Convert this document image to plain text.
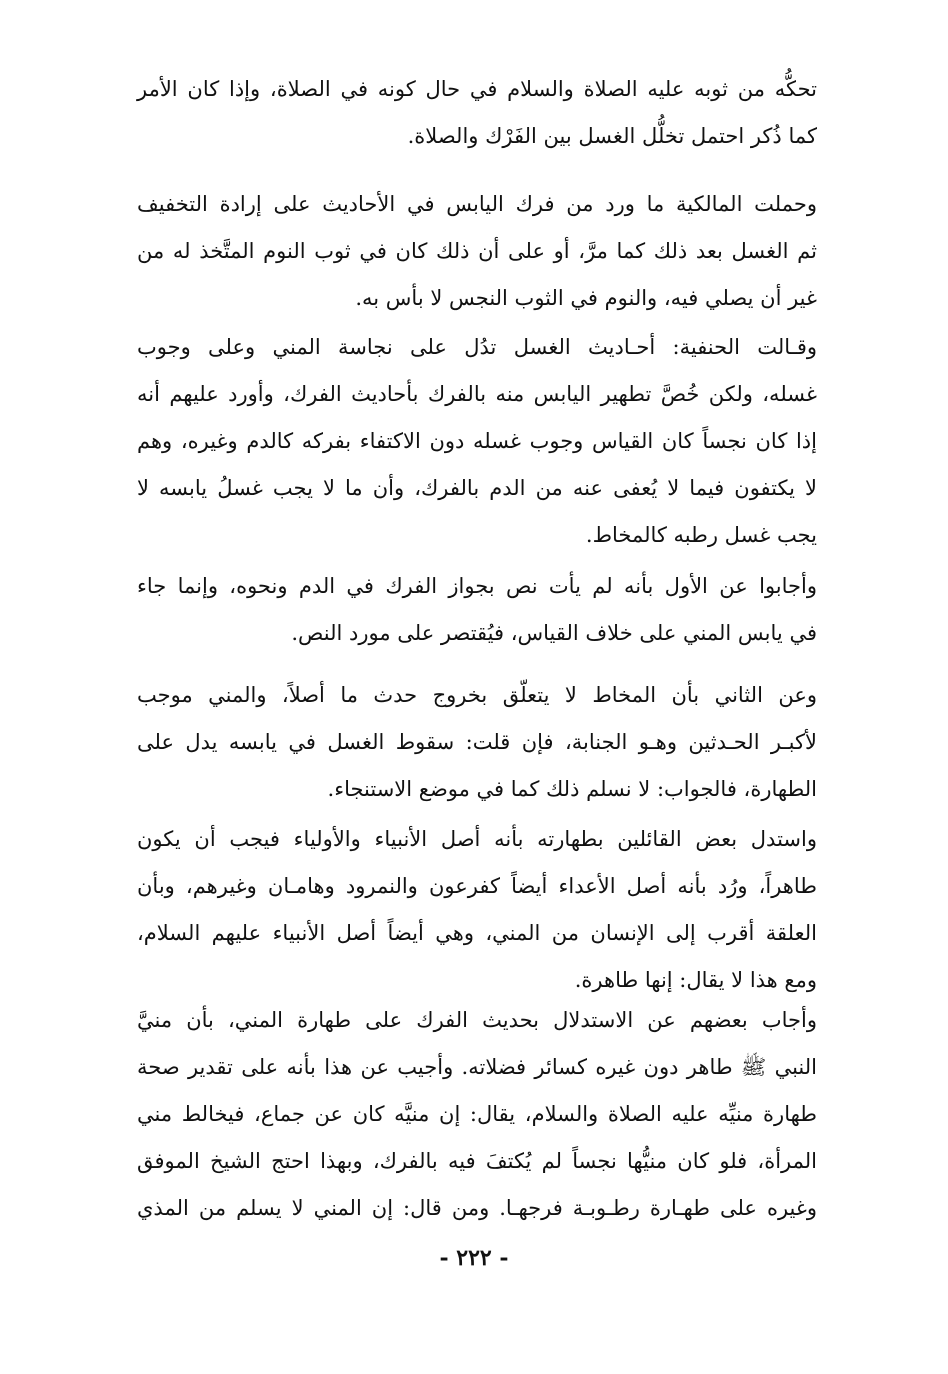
تحكُّه من ثوبه عليه الصلاة والسلام في حال كونه في الصلاة، وإذا كان الأمر
كما ذُكر احتمل تخلُّل الغسل بين الفَرْك والصلاة.
وحملت المالكية ما ورد من فرك اليابس في الأحاديث على إرادة التخفيف
ثم الغسل بعد ذلك كما مرَّ، أو على أن ذلك كان في ثوب النوم المتَّخذ له من
غير أن يصلي فيه، والنوم في الثوب النجس لا بأس به.
وقـالت الحنفية: أحـاديث الغسل تدُل على نجاسة المني وعلى وجوب
غسله، ولكن خُصَّ تطهير اليابس منه بالفرك بأحاديث الفرك، وأورد عليهم أنه
إذا كان نجساً كان القياس وجوب غسله دون الاكتفاء بفركه كالدم وغيره، وهم
لا يكتفون فيما لا يُعفى عنه من الدم بالفرك، وأن ما لا يجب غسلُ يابسه لا
يجب غسل رطبه كالمخاط.
وأجابوا عن الأول بأنه لم يأت نص بجواز الفرك في الدم ونحوه، وإنما جاء
في يابس المني على خلاف القياس، فيُقتصر على مورد النص.
وعن الثاني بأن المخاط لا يتعلّق بخروج حدث ما أصلاً، والمني موجب
لأكبـر الحـدثين وهـو الجنابة، فإن قلت: سقوط الغسل في يابسه يدل على
الطهارة، فالجواب: لا نسلم ذلك كما في موضع الاستنجاء.
واستدل بعض القائلين بطهارته بأنه أصل الأنبياء والأولياء فيجب أن يكون
طاهراً، ورُد بأنه أصل الأعداء أيضاً كفرعون والنمرود وهامـان وغيرهم، وبأن
العلقة أقرب إلى الإنسان من المني، وهي أيضاً أصل الأنبياء عليهم السلام،
ومع هذا لا يقال: إنها طاهرة.
وأجاب بعضهم عن الاستدلال بحديث الفرك على طهارة المني، بأن منيَّ
النبي ﷺ طاهر دون غيره كسائر فضلاته. وأجيب عن هذا بأنه على تقدير صحة
طهارة منيِّه عليه الصلاة والسلام، يقال: إن منيَّه كان عن جماع، فيخالط مني
المرأة، فلو كان منيُّها نجساً لم يُكتفَ فيه بالفرك، وبهذا احتج الشيخ الموفق
وغيره على طهـارة رطـوبـة فرجهـا. ومن قال: إن المني لا يسلم من المذي
- ٢٢٢ -
